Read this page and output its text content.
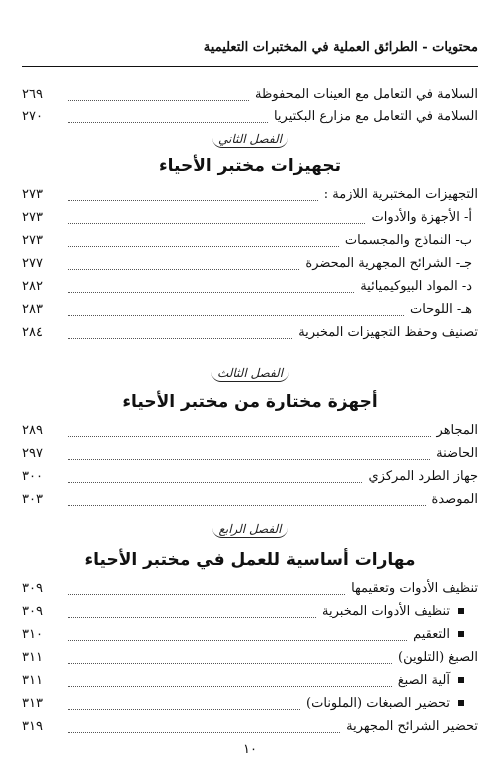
محتويات - الطرائق العملية في المختبرات التعليمية
السلامة في التعامل مع العينات المحفوظة
٢٦٩
السلامة في التعامل مع مزارع البكتيريا
٢٧٠
الفصل الثاني
تجهيزات مختبر الأحياء
التجهيزات المختبرية اللازمة :
٢٧٣
أ- الأجهزة والأدوات
٢٧٣
ب- النماذج والمجسمات
٢٧٣
جـ- الشرائح المجهرية المحضرة
٢٧٧
د- المواد البيوكيميائية
٢٨٢
هـ- اللوحات
٢٨٣
تصنيف وحفظ التجهيزات المخبرية
٢٨٤
الفصل الثالث
أجهزة مختارة من مختبر الأحياء
المجاهر
٢٨٩
الحاضنة
٢٩٧
جهاز الطرد المركزي
٣٠٠
الموصدة
٣٠٣
الفصل الرابع
مهارات أساسية للعمل في مختبر الأحياء
تنظيف الأدوات وتعقيمها
٣٠٩
تنظيف الأدوات المخبرية
٣٠٩
التعقيم
٣١٠
الصبغ (التلوين)
٣١١
آلية الصبغ
٣١١
تحضير الصبغات (الملونات)
٣١٣
تحضير الشرائح المجهرية
٣١٩
١٠
